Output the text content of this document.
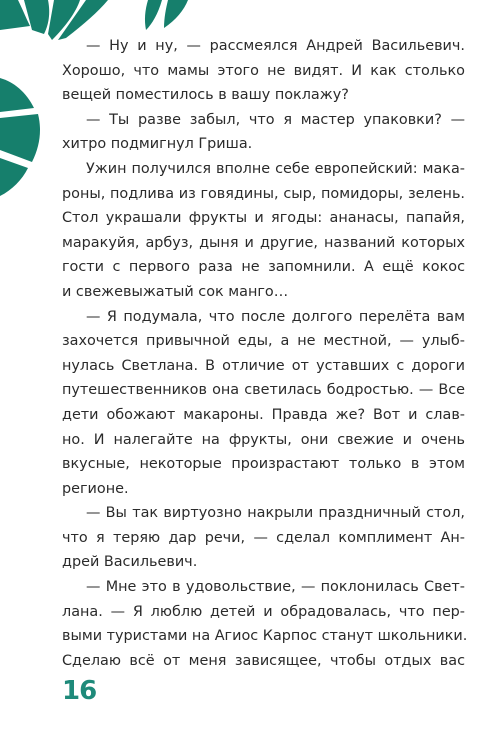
— Ну и ну, — рассмеялся Андрей Васильевич.
Хорошо, что мамы этого не видят. И как столько
вещей поместилось в вашу поклажу?
— Ты разве забыл, что я мастер упаковки? —
хитро подмигнул Гриша.
Ужин получился вполне себе европейский: мака-
роны, подлива из говядины, сыр, помидоры, зелень.
Стол украшали фрукты и ягоды: ананасы, папайя,
маракуйя, арбуз, дыня и другие, названий которых
гости с первого раза не запомнили. А ещё кокос
и свежевыжатый сок манго…
— Я подумала, что после долгого перелёта вам
захочется привычной еды, а не местной, — улыб-
нулась Светлана. В отличие от уставших с дороги
путешественников она светилась бодростью. — Все
дети обожают макароны. Правда же? Вот и слав-
но. И налегайте на фрукты, они свежие и очень
вкусные, некоторые произрастают только в этом
регионе.
— Вы так виртуозно накрыли праздничный стол,
что я теряю дар речи, — сделал комплимент Ан-
дрей Васильевич.
— Мне это в удовольствие, — поклонилась Свет-
лана. — Я люблю детей и обрадовалась, что пер-
выми туристами на Агиос Карпос станут школьники.
Сделаю всё от меня зависящее, чтобы отдых вас
16
